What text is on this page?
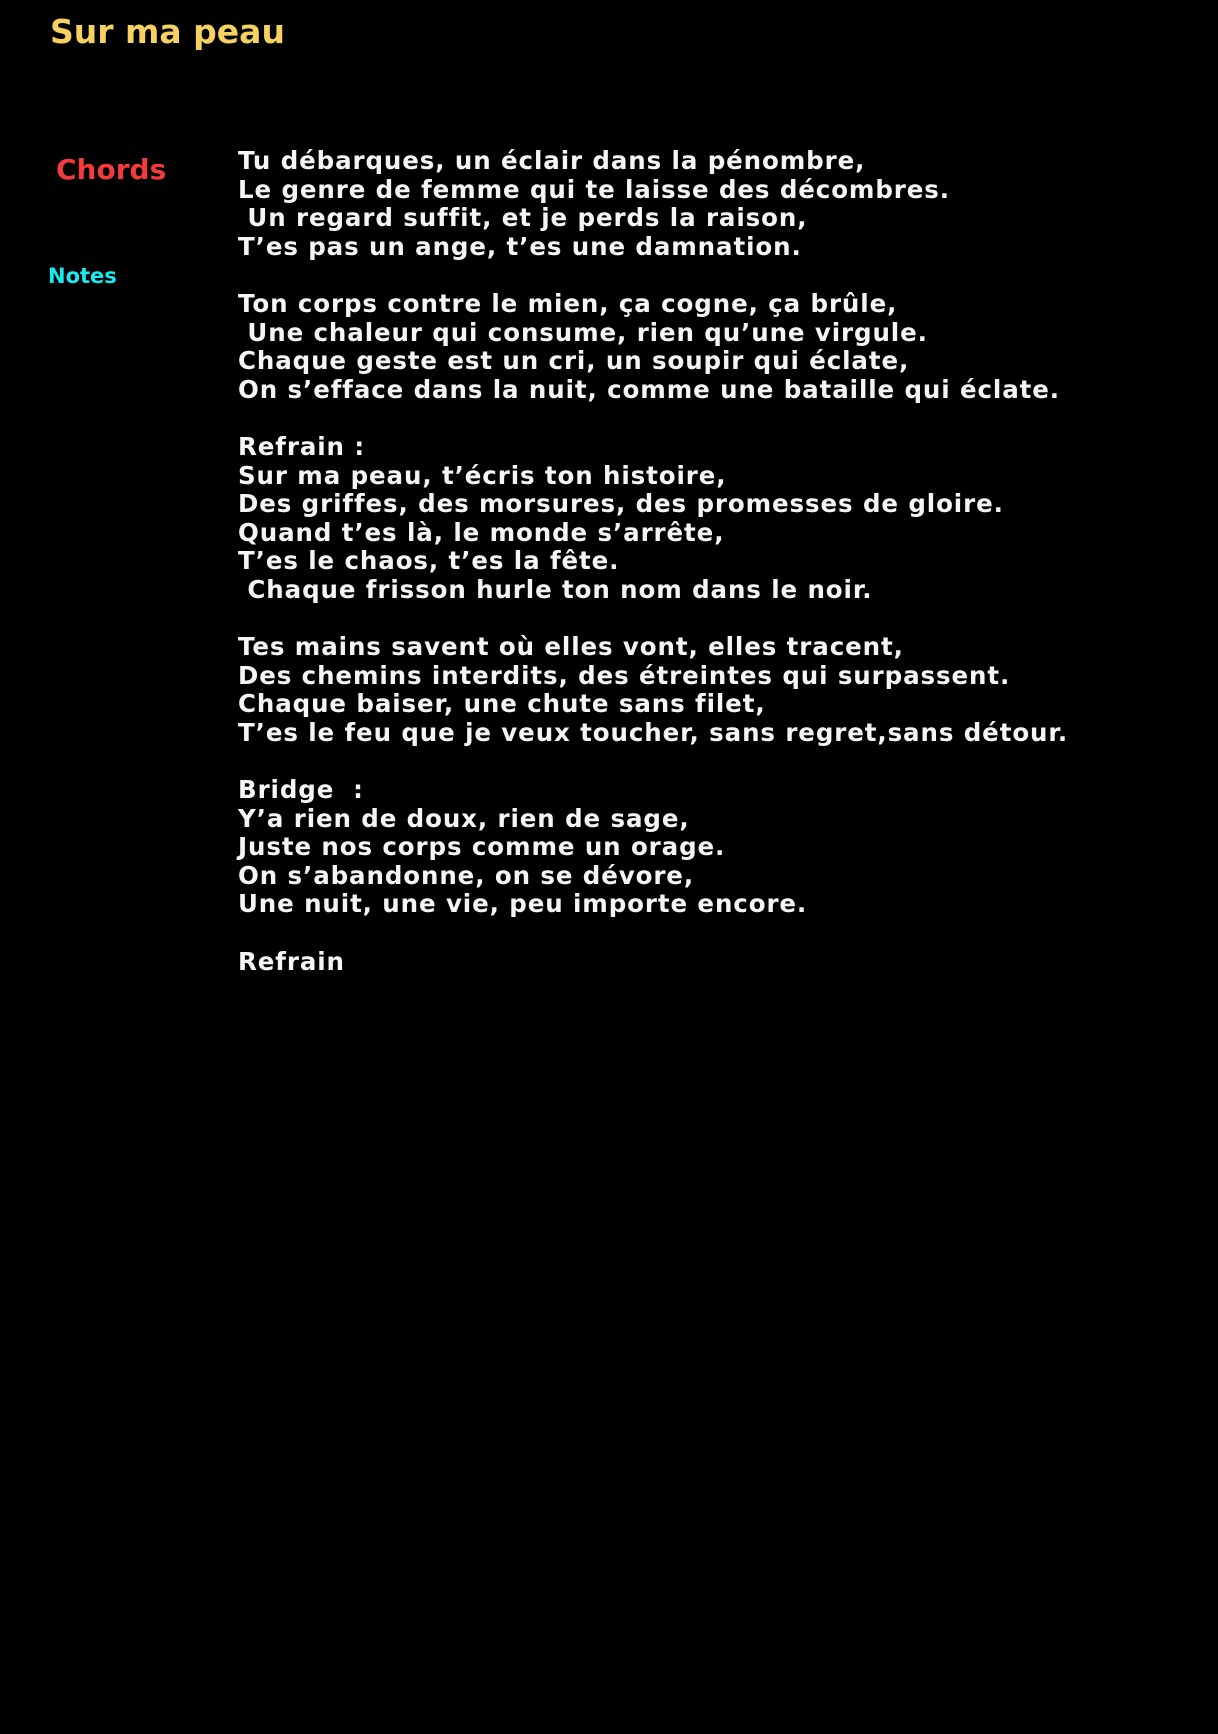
Sur ma peau
Chords
Notes
Tu débarques, un éclair dans la pénombre,
Le genre de femme qui te laisse des décombres.
Un regard suffit, et je perds la raison,
T’es pas un ange, t’es une damnation.
Ton corps contre le mien, ça cogne, ça brûle,
Une chaleur qui consume, rien qu’une virgule.
Chaque geste est un cri, un soupir qui éclate,
On s’efface dans la nuit, comme une bataille qui éclate.
Refrain :
Sur ma peau, t’écris ton histoire,
Des griffes, des morsures, des promesses de gloire.
Quand t’es là, le monde s’arrête,
T’es le chaos, t’es la fête.
Chaque frisson hurle ton nom dans le noir.
Tes mains savent où elles vont, elles tracent,
Des chemins interdits, des étreintes qui surpassent.
Chaque baiser, une chute sans filet,
T’es le feu que je veux toucher, sans regret,sans détour.
Bridge  :
Y’a rien de doux, rien de sage,
Juste nos corps comme un orage.
On s’abandonne, on se dévore,
Une nuit, une vie, peu importe encore.
Refrain
